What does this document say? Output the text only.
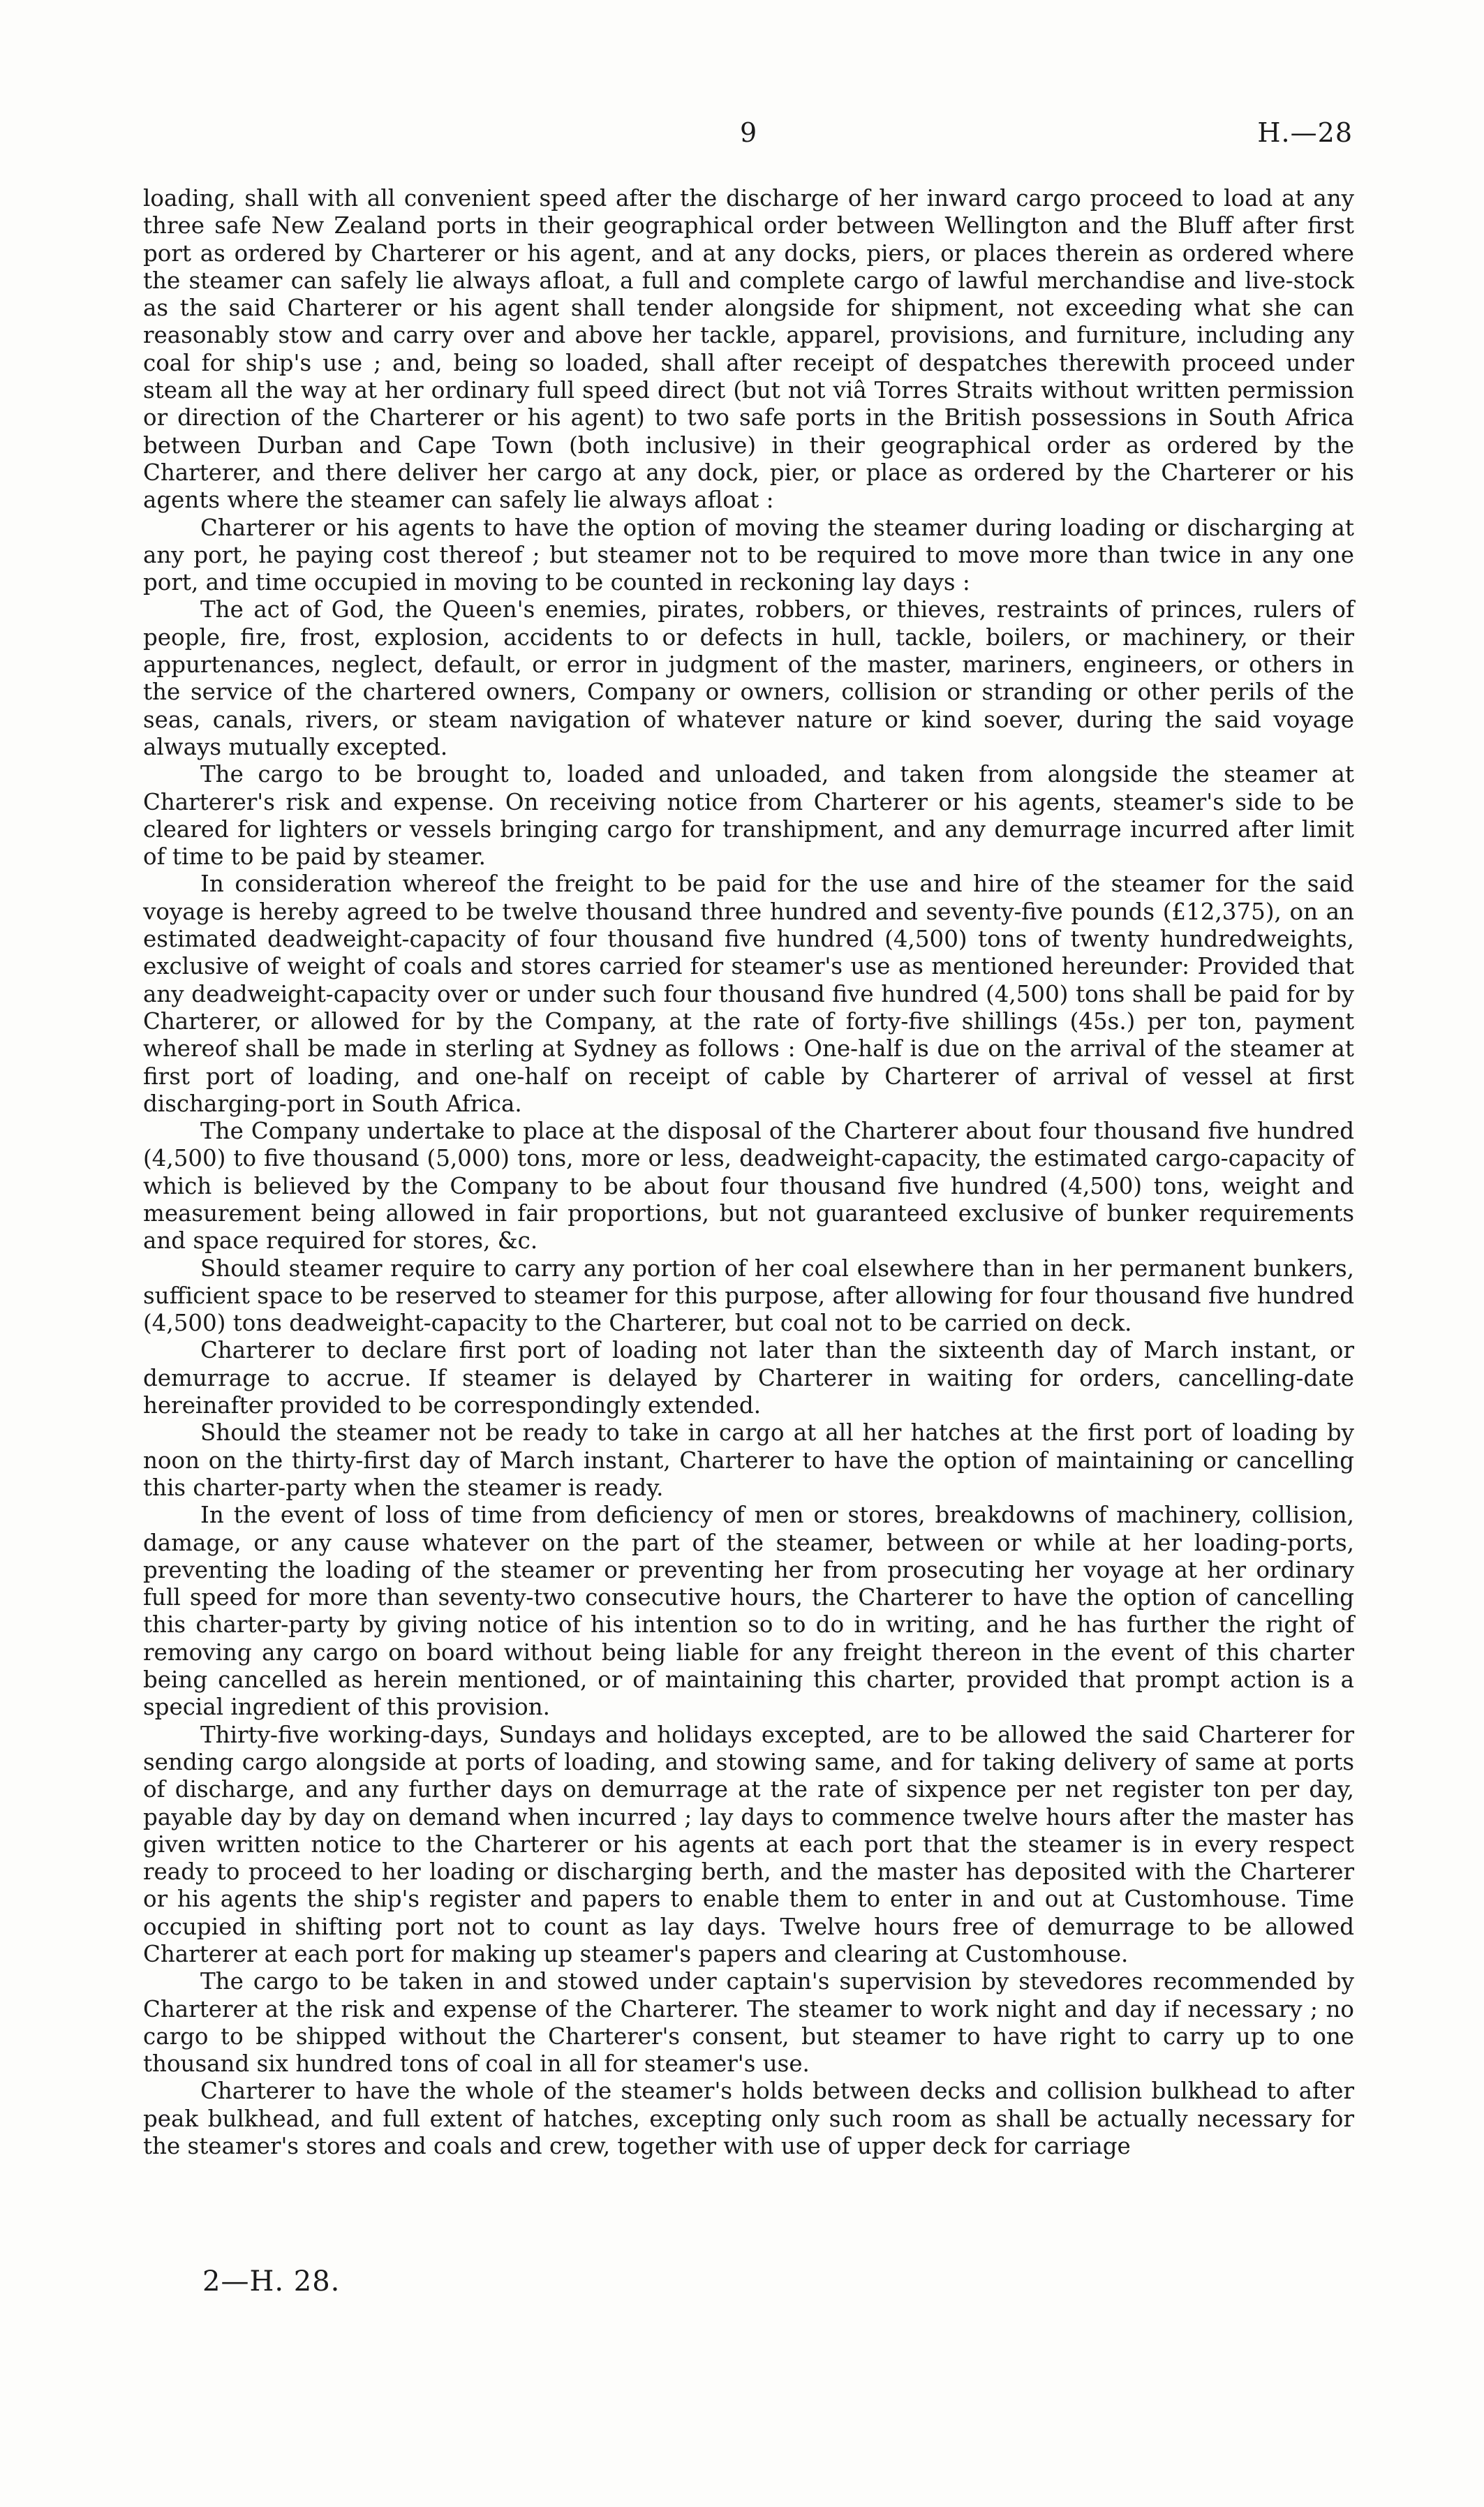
9	H.—28

loading, shall with all convenient speed after the discharge of her inward cargo proceed to load at any three safe New Zealand ports in their geographical order between Wellington and the Bluff after first port as ordered by Charterer or his agent, and at any docks, piers, or places therein as ordered where the steamer can safely lie always afloat, a full and complete cargo of lawful merchandise and live-stock as the said Charterer or his agent shall tender alongside for shipment, not exceeding what she can reasonably stow and carry over and above her tackle, apparel, provisions, and furniture, including any coal for ship's use ; and, being so loaded, shall after receipt of despatches therewith proceed under steam all the way at her ordinary full speed direct (but not viâ Torres Straits without written permission or direction of the Charterer or his agent) to two safe ports in the British possessions in South Africa between Durban and Cape Town (both inclusive) in their geographical order as ordered by the Charterer, and there deliver her cargo at any dock, pier, or place as ordered by the Charterer or his agents where the steamer can safely lie always afloat :

Charterer or his agents to have the option of moving the steamer during loading or discharging at any port, he paying cost thereof ; but steamer not to be required to move more than twice in any one port, and time occupied in moving to be counted in reckoning lay days :

The act of God, the Queen's enemies, pirates, robbers, or thieves, restraints of princes, rulers of people, fire, frost, explosion, accidents to or defects in hull, tackle, boilers, or machinery, or their appurtenances, neglect, default, or error in judgment of the master, mariners, engineers, or others in the service of the chartered owners, Company or owners, collision or stranding or other perils of the seas, canals, rivers, or steam navigation of whatever nature or kind soever, during the said voyage always mutually excepted.

The cargo to be brought to, loaded and unloaded, and taken from alongside the steamer at Charterer's risk and expense. On receiving notice from Charterer or his agents, steamer's side to be cleared for lighters or vessels bringing cargo for transhipment, and any demurrage incurred after limit of time to be paid by steamer.

In consideration whereof the freight to be paid for the use and hire of the steamer for the said voyage is hereby agreed to be twelve thousand three hundred and seventy-five pounds (£12,375), on an estimated deadweight-capacity of four thousand five hundred (4,500) tons of twenty hundredweights, exclusive of weight of coals and stores carried for steamer's use as mentioned hereunder: Provided that any deadweight-capacity over or under such four thousand five hundred (4,500) tons shall be paid for by Charterer, or allowed for by the Company, at the rate of forty-five shillings (45s.) per ton, payment whereof shall be made in sterling at Sydney as follows : One-half is due on the arrival of the steamer at first port of loading, and one-half on receipt of cable by Charterer of arrival of vessel at first discharging-port in South Africa.

The Company undertake to place at the disposal of the Charterer about four thousand five hundred (4,500) to five thousand (5,000) tons, more or less, deadweight-capacity, the estimated cargo-capacity of which is believed by the Company to be about four thousand five hundred (4,500) tons, weight and measurement being allowed in fair proportions, but not guaranteed exclusive of bunker requirements and space required for stores, &c.

Should steamer require to carry any portion of her coal elsewhere than in her permanent bunkers, sufficient space to be reserved to steamer for this purpose, after allowing for four thousand five hundred (4,500) tons deadweight-capacity to the Charterer, but coal not to be carried on deck.

Charterer to declare first port of loading not later than the sixteenth day of March instant, or demurrage to accrue. If steamer is delayed by Charterer in waiting for orders, cancelling-date hereinafter provided to be correspondingly extended.

Should the steamer not be ready to take in cargo at all her hatches at the first port of loading by noon on the thirty-first day of March instant, Charterer to have the option of maintaining or cancelling this charter-party when the steamer is ready.

In the event of loss of time from deficiency of men or stores, breakdowns of machinery, collision, damage, or any cause whatever on the part of the steamer, between or while at her loading-ports, preventing the loading of the steamer or preventing her from prosecuting her voyage at her ordinary full speed for more than seventy-two consecutive hours, the Charterer to have the option of cancelling this charter-party by giving notice of his intention so to do in writing, and he has further the right of removing any cargo on board without being liable for any freight thereon in the event of this charter being cancelled as herein mentioned, or of maintaining this charter, provided that prompt action is a special ingredient of this provision.

Thirty-five working-days, Sundays and holidays excepted, are to be allowed the said Charterer for sending cargo alongside at ports of loading, and stowing same, and for taking delivery of same at ports of discharge, and any further days on demurrage at the rate of sixpence per net register ton per day, payable day by day on demand when incurred ; lay days to commence twelve hours after the master has given written notice to the Charterer or his agents at each port that the steamer is in every respect ready to proceed to her loading or discharging berth, and the master has deposited with the Charterer or his agents the ship's register and papers to enable them to enter in and out at Customhouse. Time occupied in shifting port not to count as lay days. Twelve hours free of demurrage to be allowed Charterer at each port for making up steamer's papers and clearing at Customhouse.

The cargo to be taken in and stowed under captain's supervision by stevedores recommended by Charterer at the risk and expense of the Charterer. The steamer to work night and day if necessary ; no cargo to be shipped without the Charterer's consent, but steamer to have right to carry up to one thousand six hundred tons of coal in all for steamer's use.

Charterer to have the whole of the steamer's holds between decks and collision bulkhead to after peak bulkhead, and full extent of hatches, excepting only such room as shall be actually necessary for the steamer's stores and coals and crew, together with use of upper deck for carriage

2—H. 28.
